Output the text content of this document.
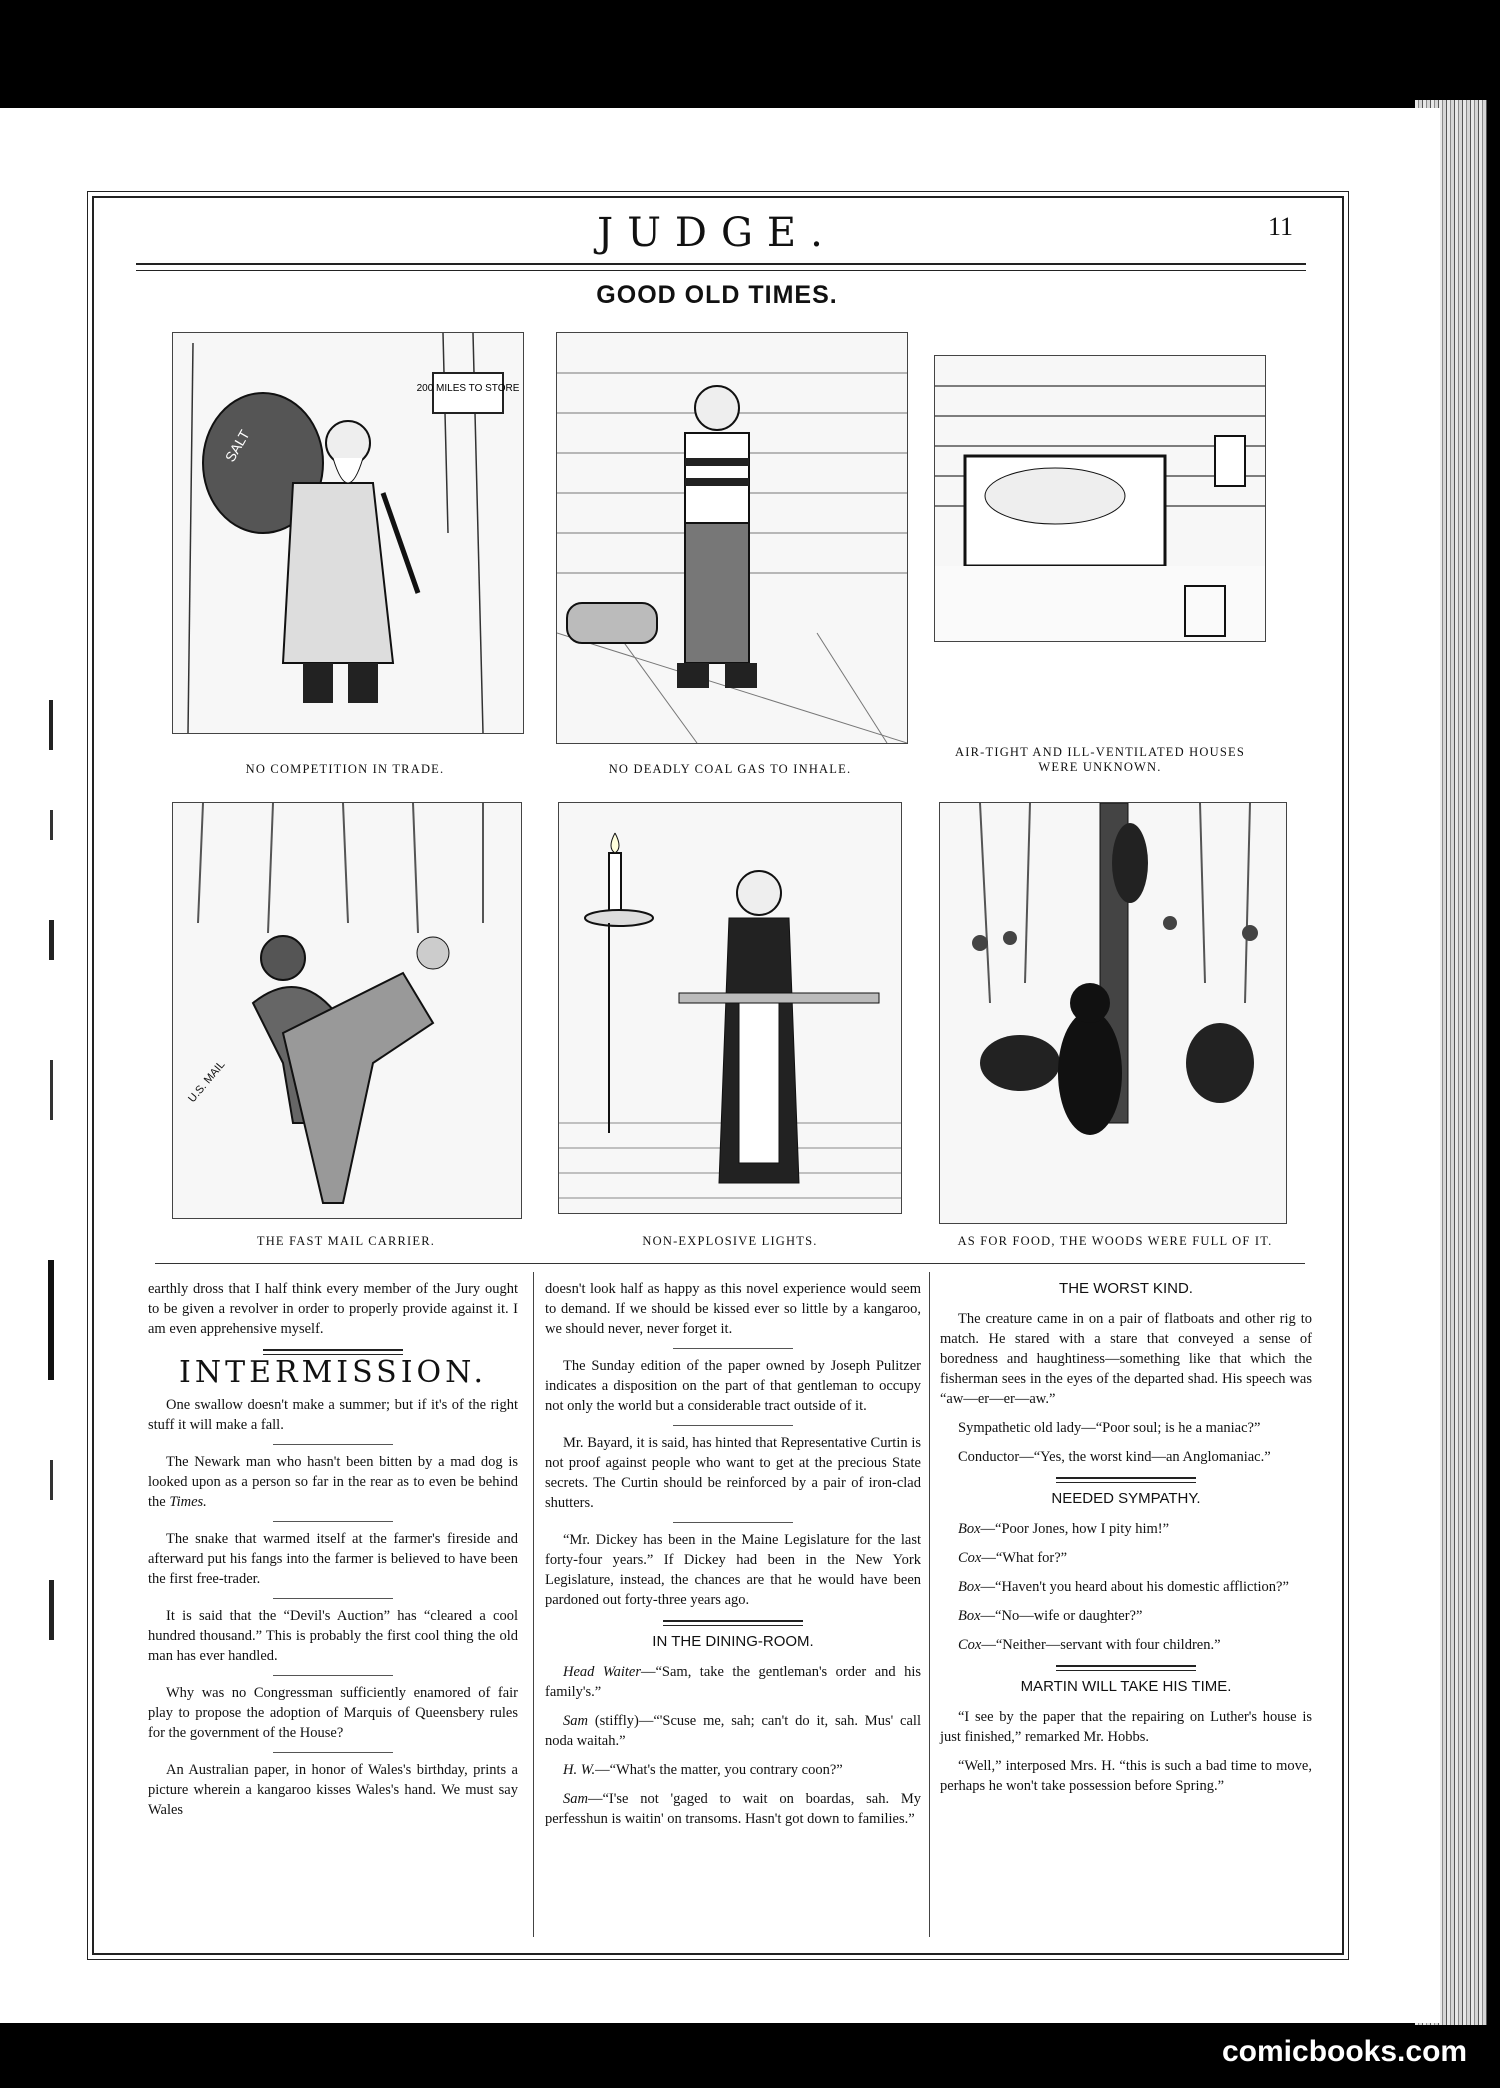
JUDGE.	11
GOOD OLD TIMES.
200 MILES TO STORE
SALT
NO COMPETITION IN TRADE.	NO DEADLY COAL GAS TO INHALE.
AIR-TIGHT AND ILL-VENTILATED HOUSES
WERE UNKNOWN.
U.S. MAIL
THE FAST MAIL CARRIER.	NON-EXPLOSIVE LIGHTS.	AS FOR FOOD, THE WOODS WERE FULL OF IT.

earthly dross that I half think every member of the Jury ought to be given a revolver in order to properly provide against it. I am even apprehensive myself.

INTERMISSION.

One swallow doesn't make a summer; but if it's of the right stuff it will make a fall.

The Newark man who hasn't been bitten by a mad dog is looked upon as a person so far in the rear as to even be behind the Times.

The snake that warmed itself at the farmer's fireside and afterward put his fangs into the farmer is believed to have been the first free-trader.

It is said that the “Devil's Auction” has “cleared a cool hundred thousand.” This is probably the first cool thing the old man has ever handled.

Why was no Congressman sufficiently enamored of fair play to propose the adoption of Marquis of Queensbery rules for the government of the House?

An Australian paper, in honor of Wales's birthday, prints a picture wherein a kangaroo kisses Wales's hand. We must say Wales

doesn't look half as happy as this novel experience would seem to demand. If we should be kissed ever so little by a kangaroo, we should never, never forget it.

The Sunday edition of the paper owned by Joseph Pulitzer indicates a disposition on the part of that gentleman to occupy not only the world but a considerable tract outside of it.

Mr. Bayard, it is said, has hinted that Representative Curtin is not proof against people who want to get at the precious State secrets. The Curtin should be reinforced by a pair of iron-clad shutters.

“Mr. Dickey has been in the Maine Legislature for the last forty-four years.” If Dickey had been in the New York Legislature, instead, the chances are that he would have been pardoned out forty-three years ago.

IN THE DINING-ROOM.

Head Waiter—“Sam, take the gentleman's order and his family's.”

Sam (stiffly)—“'Scuse me, sah; can't do it, sah. Mus' call noda waitah.”

H. W.—“What's the matter, you contrary coon?”

Sam—“I'se not 'gaged to wait on boardas, sah. My perfesshun is waitin' on transoms. Hasn't got down to families.”

THE WORST KIND.

The creature came in on a pair of flatboats and other rig to match. He stared with a stare that conveyed a sense of boredness and haughtiness—something like that which the fisherman sees in the eyes of the departed shad. His speech was “aw—er—er—aw.”

Sympathetic old lady—“Poor soul; is he a maniac?”

Conductor—“Yes, the worst kind—an Anglomaniac.”

NEEDED SYMPATHY.

Box—“Poor Jones, how I pity him!”

Cox—“What for?”

Box—“Haven't you heard about his domestic affliction?”

Box—“No—wife or daughter?”

Cox—“Neither—servant with four children.”

MARTIN WILL TAKE HIS TIME.

“I see by the paper that the repairing on Luther's house is just finished,” remarked Mr. Hobbs.

“Well,” interposed Mrs. H. “this is such a bad time to move, perhaps he won't take possession before Spring.”

comicbooks.com
